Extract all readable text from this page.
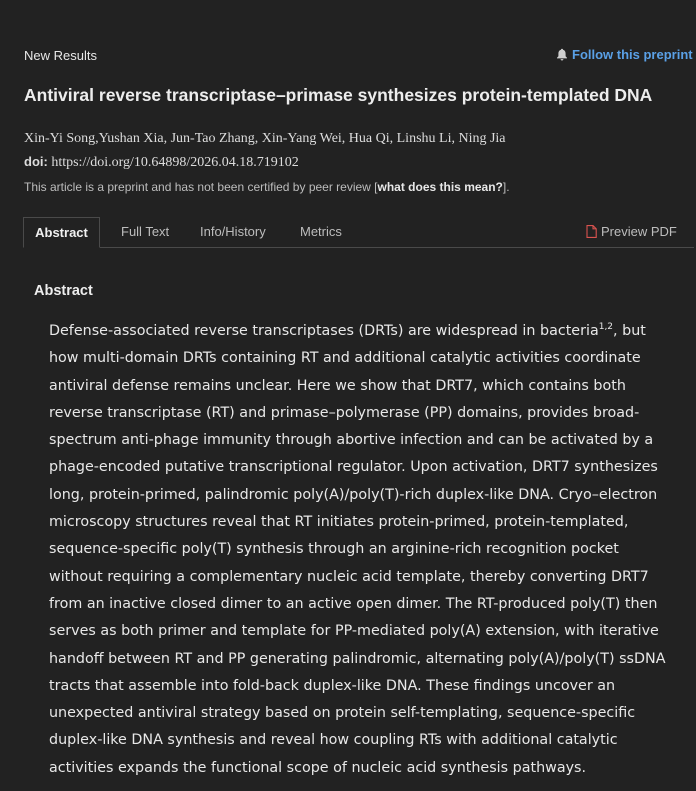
New Results	Follow this preprint
Antiviral reverse transcriptase–primase synthesizes protein-templated DNA
Xin-Yi Song,Yushan Xia, Jun-Tao Zhang, Xin-Yang Wei, Hua Qi, Linshu Li, Ning Jia
doi: https://doi.org/10.64898/2026.04.18.719102
This article is a preprint and has not been certified by peer review [what does this mean?].
Abstract	Full Text Info/History	Metrics	Preview PDF
Abstract
Defense-associated reverse transcriptases (DRTs) are widespread in bacteria$^{1,2}$, but
how multi-domain DRTs containing RT and additional catalytic activities coordinate
antiviral defense remains unclear. Here we show that DRT7, which contains both
reverse transcriptase (RT) and primase–polymerase (PP) domains, provides broad-
spectrum anti-phage immunity through abortive infection and can be activated by a
phage-encoded putative transcriptional regulator. Upon activation, DRT7 synthesizes
long, protein-primed, palindromic poly(A)/poly(T)-rich duplex-like DNA. Cryo–electron
microscopy structures reveal that RT initiates protein-primed, protein-templated,
sequence-specific poly(T) synthesis through an arginine-rich recognition pocket
without requiring a complementary nucleic acid template, thereby converting DRT7
from an inactive closed dimer to an active open dimer. The RT-produced poly(T) then
serves as both primer and template for PP-mediated poly(A) extension, with iterative
handoff between RT and PP generating palindromic, alternating poly(A)/poly(T) ssDNA
tracts that assemble into fold-back duplex-like DNA. These findings uncover an
unexpected antiviral strategy based on protein self-templating, sequence-specific
duplex-like DNA synthesis and reveal how coupling RTs with additional catalytic
activities expands the functional scope of nucleic acid synthesis pathways.
